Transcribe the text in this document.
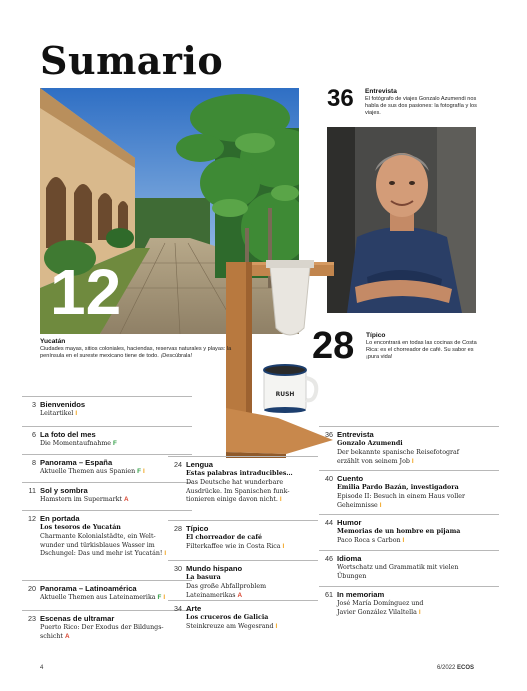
Sumario
12
RUSH
36 Entrevista
El fotógrafo de viajes Gonzalo Azumendi nos habla de sus dos pasiones: la fotografía y los viajes.
28 Típico
Lo encontrará en todas las cocinas de Costa Rica: es el chorreador de café. Su sabor es ¡pura vida!
Yucatán
Ciudades mayas, sitios coloniales, haciendas, reservas naturales y playas: la península en el sureste mexicano tiene de todo. ¡Descúbrala!
3 Bienvenidos
Leitartikel I
6 La foto del mes
Die Momentaufnahme F
8 Panorama – España
Aktuelle Themen aus Spanien F I
11 Sol y sombra
Hamstern im Supermarkt A
12 En portada
Los tesoros de Yucatán
Charmante Kolonialstädte, ein Welt-
wunder und türkisblaues Wasser im
Dschungel: Das und mehr ist Yucatán! I
20 Panorama – Latinoamérica
Aktuelle Themen aus Lateinamerika F I
23 Escenas de ultramar
Puerto Rico: Der Exodus der Bildungs-
schicht A
24 Lengua
Estas palabras intraducibles…
Das Deutsche hat wunderbare
Ausdrücke. Im Spanischen funk-
tionieren einige davon nicht. I
28 Típico
El chorreador de café
Filterkaffee wie in Costa Rica I
30 Mundo hispano
La basura
Das große Abfallproblem
Lateinamerikas A
34 Arte
Los cruceros de Galicia
Steinkreuze am Wegesrand I
36 Entrevista
Gonzalo Azumendi
Der bekannte spanische Reisefotograf
erzählt von seinem Job I
40 Cuento
Emilia Pardo Bazán, investigadora
Episode II: Besuch in einem Haus voller
Geheimnisse I
44 Humor
Memorias de un hombre en pijama
Paco Roca s Carbon I
46 Idioma
Wortschatz und Grammatik mit vielen
Übungen
61 In memoriam
José María Domínguez und
Javier González Vilaltella I
4	6/2022 ECOS
